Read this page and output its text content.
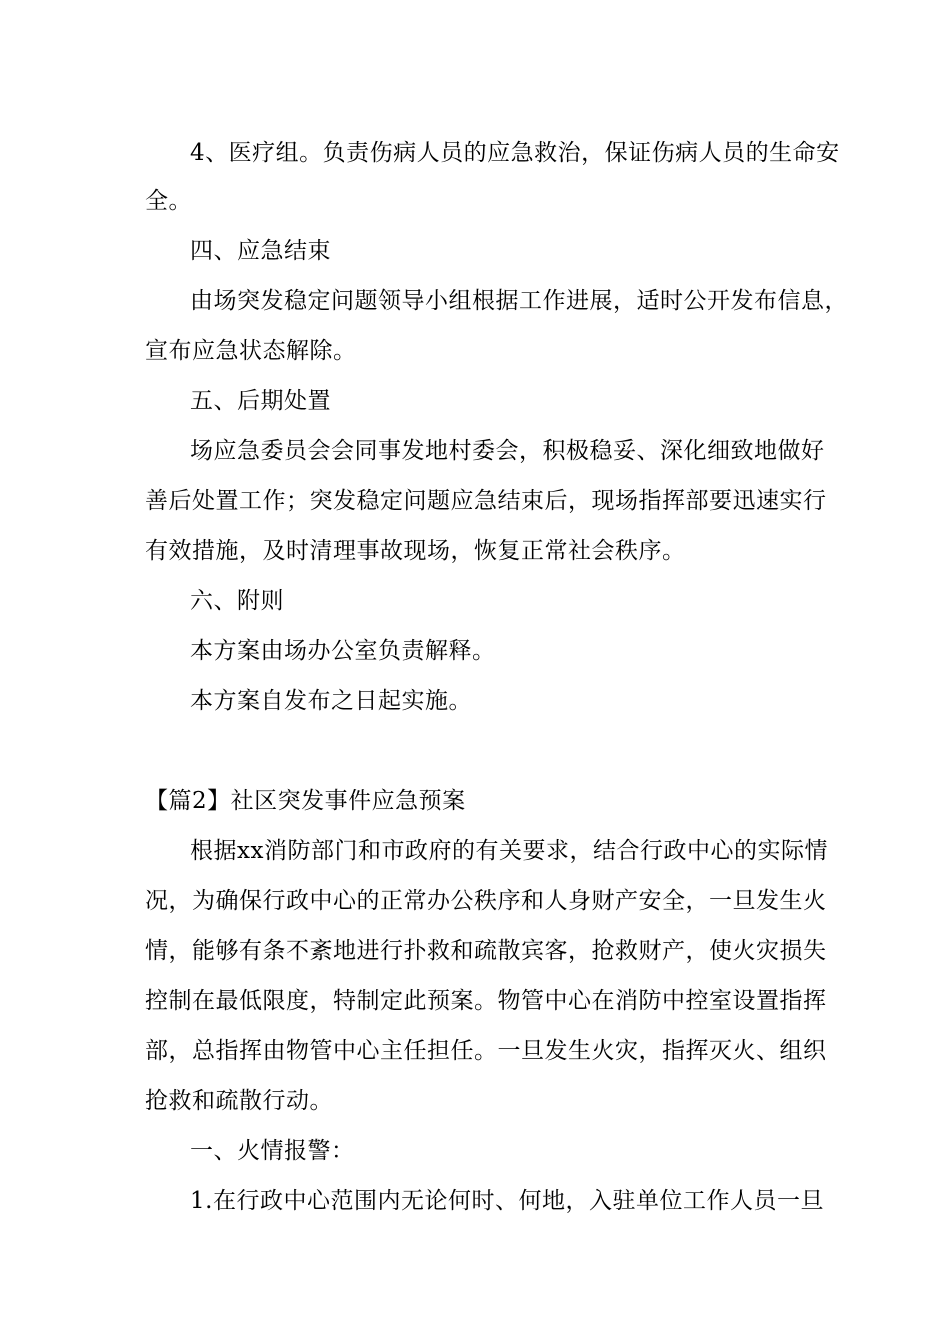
4、医疗组。负责伤病人员的应急救治，保证伤病人员的生命安
全。
四、应急结束
由场突发稳定问题领导小组根据工作进展，适时公开发布信息，
宣布应急状态解除。
五、后期处置
场应急委员会会同事发地村委会，积极稳妥、深化细致地做好
善后处置工作；突发稳定问题应急结束后，现场指挥部要迅速实行
有效措施，及时清理事故现场，恢复正常社会秩序。
六、附则
本方案由场办公室负责解释。
本方案自发布之日起实施。
【篇2】社区突发事件应急预案
根据xx消防部门和市政府的有关要求，结合行政中心的实际情
况，为确保行政中心的正常办公秩序和人身财产安全，一旦发生火
情，能够有条不紊地进行扑救和疏散宾客，抢救财产，使火灾损失
控制在最低限度，特制定此预案。物管中心在消防中控室设置指挥
部，总指挥由物管中心主任担任。一旦发生火灾，指挥灭火、组织
抢救和疏散行动。
一、火情报警：
1.在行政中心范围内无论何时、何地，入驻单位工作人员一旦
